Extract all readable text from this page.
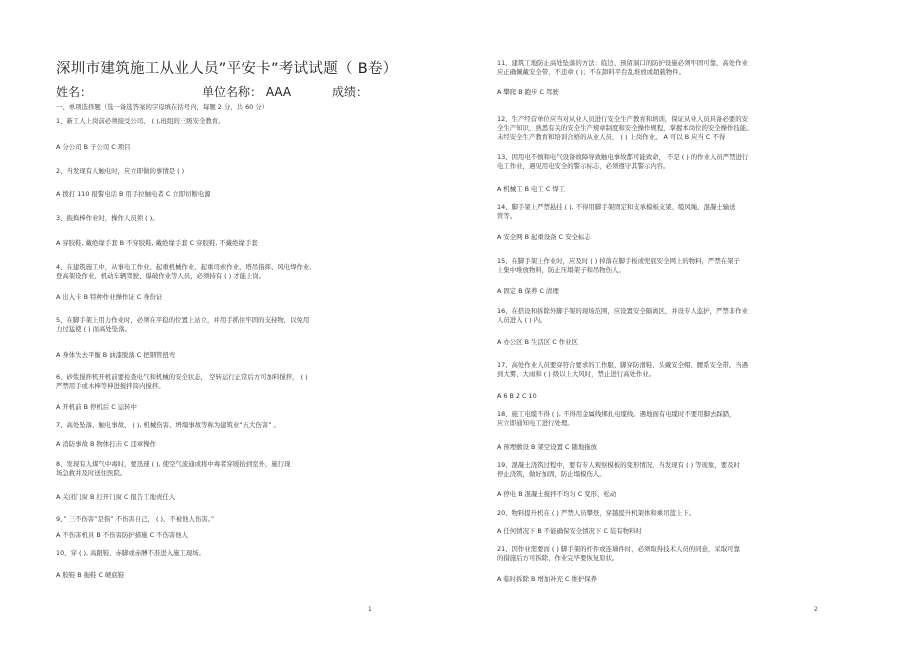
深圳市建筑施工从业人员”平安卡”考试试题（ B卷）
姓名：	单位名称： AAA	成绩：
一、单项选择题（选一备选答案的字母填在括号内，每题 2 分，共 60 分）
1、新工人上岗前必须接受公司、 ( ),班组的三级安全教育。
A 分公司 B 子公司 C 项目
2、当发现有人触电时，应立即做的事情是 ( )
A 拨打 110 报警电话 B 用手拉触电者 C 立即切断电源
3、振捣棒作业时，操作人员须 ( )。
A 穿胶鞋, 戴绝缘手套 B 不穿胶鞋, 戴绝缘手套 C 穿胶鞋, 不戴绝缘手套
4、在建筑施工中，从事电工作业、起重机械作业、起重司索作业、塔吊指挥、风电焊作业,
登高架设作业、机动车辆驾驶、爆破作业等人员，必须持有 ( ) 才能上岗。
A 出入卡 B 特种作业操作证 C 身份证
5、在脚手架上用力作业时，必须在平稳的位置上站立，并用手抓住牢固的支持物，以免用
力过猛使 ( ) 而高处坠落。
A 身体失去平衡 B 油漆脱落 C 把钢管扭弯
6、砂浆搅拌机开机前要检查电气和机械的安全状态， 空转运行正常后方可加料搅拌， ( )
严禁用手或木棒等伸进搅拌筒内搅拌。
A 开机前 B 停机后 C 运转中
7、高处坠落、触电事故、 ( ), 机械伤害、坍塌事故等称为建筑业”五大伤害” 。
A 消防事故 B 物体打击 C 违章操作
8、发现有人煤气中毒时，要迅速 ( ), 使空气流通或将中毒者穿暖抬到室外，施行现
场急救并及时送往医院。
A 关闭门窗 B 打开门窗 C 报告工地责任人
9、” 三不伤害”是指” 不伤害自己， ( )、不被他人伤害。”
A 不伤害机具 B 不伤害防护措施 C 不伤害他人
10、穿 ( ), 高跟鞋、赤脚或赤膊不准进入施工现场。
A 胶鞋 B 拖鞋 C 硬底鞋
11、建筑工地防止高处坠落的方法：临边、预留洞口的防护设施必须牢固可靠，高处作业
应正确佩戴安全带，不违章 ( )；不在卸料平台乱堆放或超载物件。
A 攀爬 B 跑步 C 驾驶
12、生产经营单位应当对从业人员进行安全生产教育和培训，保证从业人员具备必要的安
全生产知识，熟悉有关的安全生产规章制度和安全操作规程，掌握本岗位的安全操作技能。
未经安全生产教育和培训合格的从业人员， ( ) 上岗作业。 A 可以 B 应当 C 不得
13、因用电不慎和电气设备故障导致触电事故都可能致命， 不是 ( ) 的作业人员严禁进行
电工作业，遇见用电安全的警示标志，必须遵守其警示内容。
A 机械工 B 电工 C 焊工
14、脚手架上严禁悬挂 ( ), 不得用脚手架固定和支承模板支架、缆风绳、混凝土输送
管等。
A 安全网 B 起重设备 C 安全标志
15、在脚手架上作业时，应及时 ( ) 掉落在脚手板或兜底安全网上的物料，严禁在架子
上集中堆放物料，防止压塌架子和吊物伤人。
A 固定 B 保养 C 清理
16、在搭设和拆除外脚手架的现场范围，应设置安全隔离区，并设专人监护，严禁非作业
人员进入 ( ) 内。
A 办公区 B 生活区 C 作业区
17、高处作业人员要穿符合要求的工作服、脚穿防滑鞋、头戴安全帽、腰系安全带。当遇
到大雾、大雨和 ( ) 级以上大风时，禁止进行高处作业。
A 6 B 2 C 10
18、施工电缆不得 ( ), 不得用金属线绑扎电缆线。遇地面有电缆时不要用脚去踩踏，
应立即通知电工进行处理。
A 预埋敷设 B 架空设置 C 随地拖放
19、混凝土浇筑过程中，要有专人观察模板的变形情况，当发现有 ( ) 等现象，要及时
停止浇筑，做好加固，防止塌模伤人。
A 停电 B 混凝土搅拌不均匀 C 变形、松动
20、物料提升机在 ( ) 严禁人员攀登，穿越提升机架体和乘吊篮上下。
A 任何情况下 B 不能确保安全情况下 C 装有物料时
21、因作业需要而 ( ) 脚手架的杆件或连墙件时，必须取得技术人员的同意，采取可靠
的措施后方可拆除，作业完毕要恢复原状。
A 临时拆除 B 增加补充 C 维护保养
1	2
